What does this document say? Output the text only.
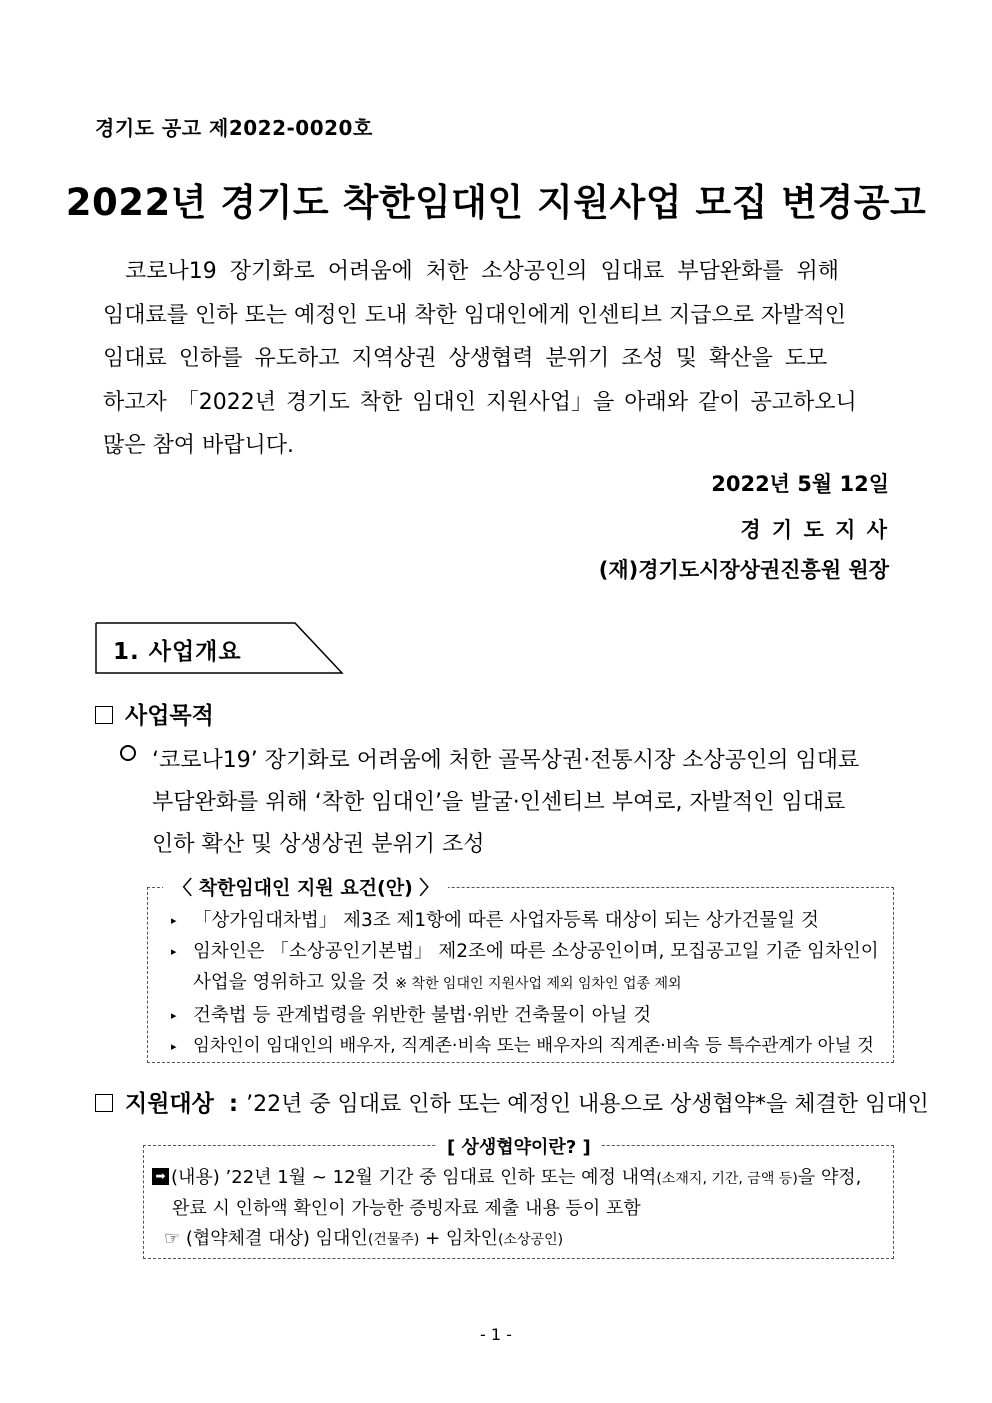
경기도 공고 제2022-0020호
2022년 경기도 착한임대인 지원사업 모집 변경공고
코로나19 장기화로 어려움에 처한 소상공인의 임대료 부담완화를 위해
임대료를 인하 또는 예정인 도내 착한 임대인에게 인센티브 지급으로 자발적인
임대료 인하를 유도하고 지역상권 상생협력 분위기 조성 및 확산을 도모
하고자 「2022년 경기도 착한 임대인 지원사업」을 아래와 같이 공고하오니
많은 참여 바랍니다.
2022년 5월 12일
경 기 도 지 사
(재)경기도시장상권진흥원 원장
1. 사업개요
사업목적
‘코로나19’ 장기화로 어려움에 처한 골목상권·전통시장 소상공인의 임대료
부담완화를 위해 ‘착한 임대인’을 발굴·인센티브 부여로, 자발적인 임대료
인하 확산 및 상생상권 분위기 조성
〈 착한임대인 지원 요건(안) 〉
▸ 「상가임대차법」 제3조 제1항에 따른 사업자등록 대상이 되는 상가건물일 것
▸ 임차인은 「소상공인기본법」 제2조에 따른 소상공인이며, 모집공고일 기준 임차인이
사업을 영위하고 있을 것 ※ 착한 임대인 지원사업 제외 임차인 업종 제외
▸ 건축법 등 관계법령을 위반한 불법·위반 건축물이 아닐 것
▸ 임차인이 임대인의 배우자, 직계존·비속 또는 배우자의 직계존·비속 등 특수관계가 아닐 것
지원대상 : ’22년 중 임대료 인하 또는 예정인 내용으로 상생협약*을 체결한 임대인
[ 상생협약이란? ]
➡ (내용) ’22년 1월 ~ 12월 기간 중 임대료 인하 또는 예정 내역(소재지, 기간, 금액 등)을 약정,
완료 시 인하액 확인이 가능한 증빙자료 제출 내용 등이 포함
☞ (협약체결 대상) 임대인(건물주) + 임차인(소상공인)
- 1 -
